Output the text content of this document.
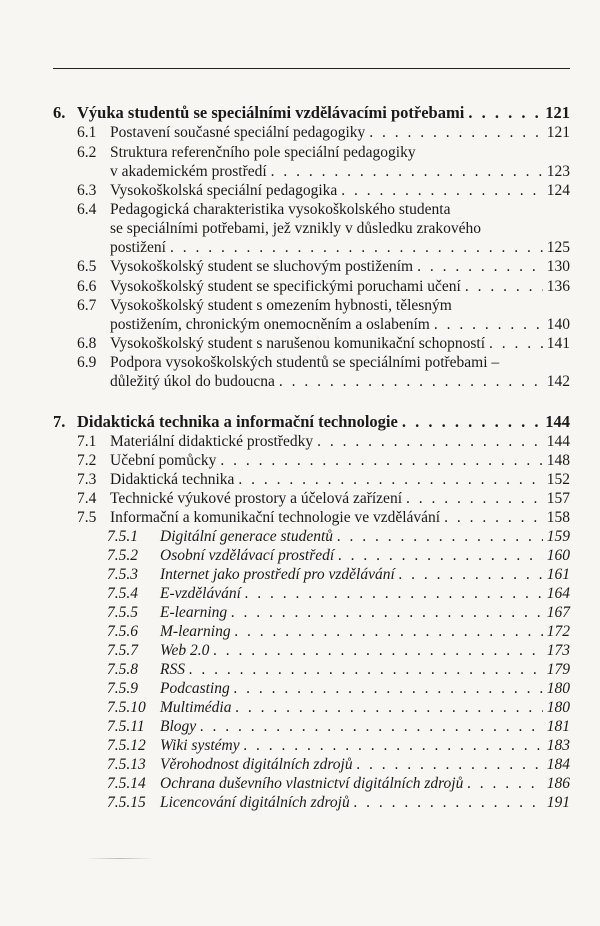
6. Výuka studentů se speciálními vzdělávacími potřebami . . .	121
6.1 Postavení současné speciální pedagogiky . . .	121
6.2 Struktura referenčního pole speciální pedagogiky
v akademickém prostředí . . .	123
6.3 Vysokoškolská speciální pedagogika . . .	124
6.4 Pedagogická charakteristika vysokoškolského studenta
se speciálními potřebami, jež vznikly v důsledku zrakového
postižení . . .	125
6.5 Vysokoškolský student se sluchovým postižením . . .	130
6.6 Vysokoškolský student se specifickými poruchami učení . . .	136
6.7 Vysokoškolský student s omezením hybnosti, tělesným
postižením, chronickým onemocněním a oslabením . . .	140
6.8 Vysokoškolský student s narušenou komunikační schopností . . .	141
6.9 Podpora vysokoškolských studentů se speciálními potřebami –
důležitý úkol do budoucna . . .	142
7. Didaktická technika a informační technologie . . .	144
7.1 Materiální didaktické prostředky . . .	144
7.2 Učební pomůcky . . .	148
7.3 Didaktická technika . . .	152
7.4 Technické výukové prostory a účelová zařízení . . .	157
7.5 Informační a komunikační technologie ve vzdělávání . . .	158
7.5.1 Digitální generace studentů . . .	159
7.5.2 Osobní vzdělávací prostředí . . .	160
7.5.3 Internet jako prostředí pro vzdělávání . . .	161
7.5.4 E-vzdělávání . . .	164
7.5.5 E-learning . . .	167
7.5.6 M-learning . . .	172
7.5.7 Web 2.0 . . .	173
7.5.8 RSS . . .	179
7.5.9 Podcasting . . .	180
7.5.10 Multimédia . . .	180
7.5.11 Blogy . . .	181
7.5.12 Wiki systémy . . .	183
7.5.13 Věrohodnost digitálních zdrojů . . .	184
7.5.14 Ochrana duševního vlastnictví digitálních zdrojů . . .	186
7.5.15 Licencování digitálních zdrojů . . .	191
